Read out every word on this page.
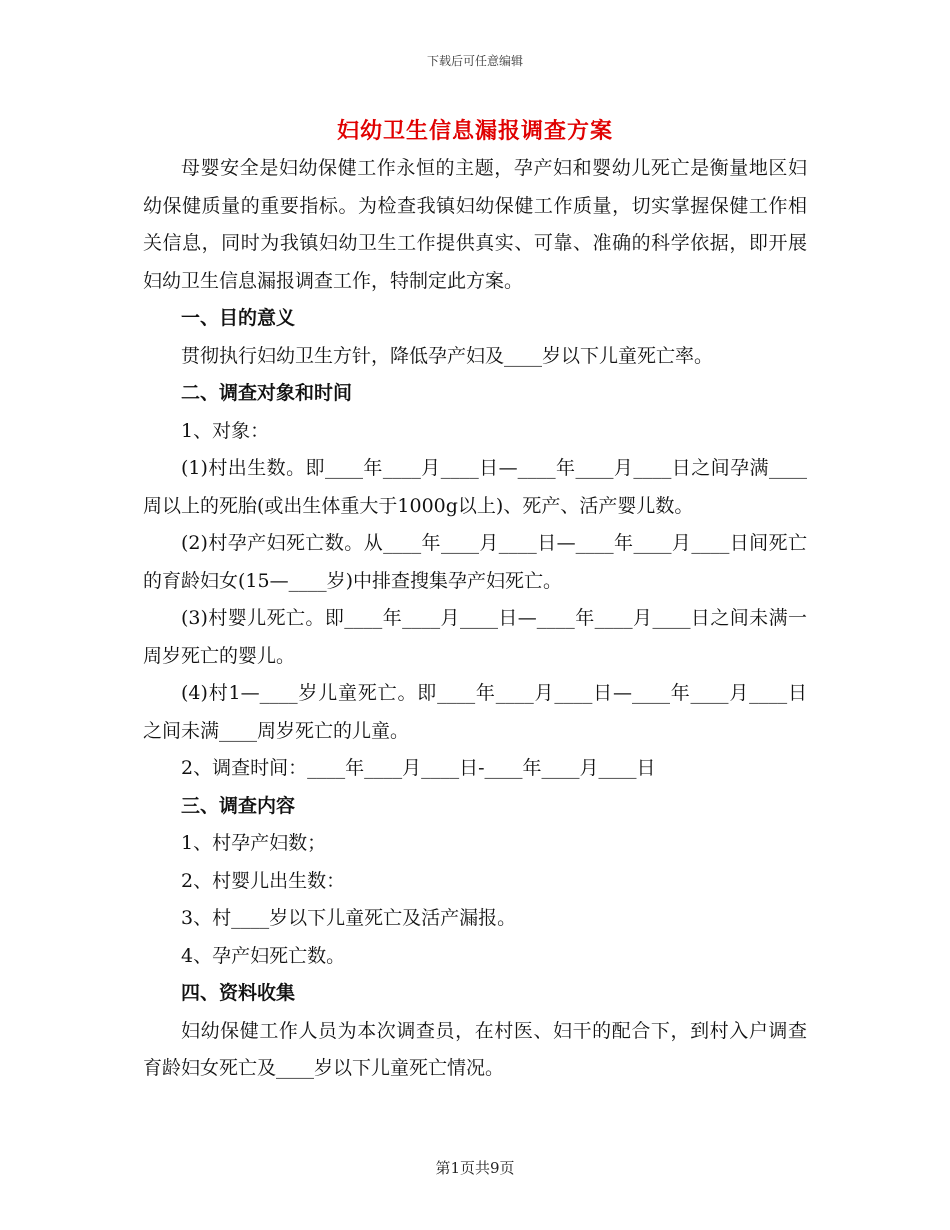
下载后可任意编辑
妇幼卫生信息漏报调查方案

母婴安全是妇幼保健工作永恒的主题，孕产妇和婴幼儿死亡是衡量地区妇幼保健质量的重要指标。为检查我镇妇幼保健工作质量，切实掌握保健工作相关信息，同时为我镇妇幼卫生工作提供真实、可靠、准确的科学依据，即开展妇幼卫生信息漏报调查工作，特制定此方案。

一、目的意义

贯彻执行妇幼卫生方针，降低孕产妇及____岁以下儿童死亡率。

二、调查对象和时间

1、对象：

(1)村出生数。即____年____月____日—____年____月____日之间孕满____周以上的死胎(或出生体重大于1000g以上)、死产、活产婴儿数。

(2)村孕产妇死亡数。从____年____月____日—____年____月____日间死亡的育龄妇女(15—____岁)中排查搜集孕产妇死亡。

(3)村婴儿死亡。即____年____月____日—____年____月____日之间未满一周岁死亡的婴儿。

(4)村1—____岁儿童死亡。即____年____月____日—____年____月____日之间未满____周岁死亡的儿童。

2、调查时间：____年____月____日-____年____月____日

三、调查内容

1、村孕产妇数；

2、村婴儿出生数：

3、村____岁以下儿童死亡及活产漏报。

4、孕产妇死亡数。

四、资料收集

妇幼保健工作人员为本次调查员，在村医、妇干的配合下，到村入户调查育龄妇女死亡及____岁以下儿童死亡情况。

第1页共9页
